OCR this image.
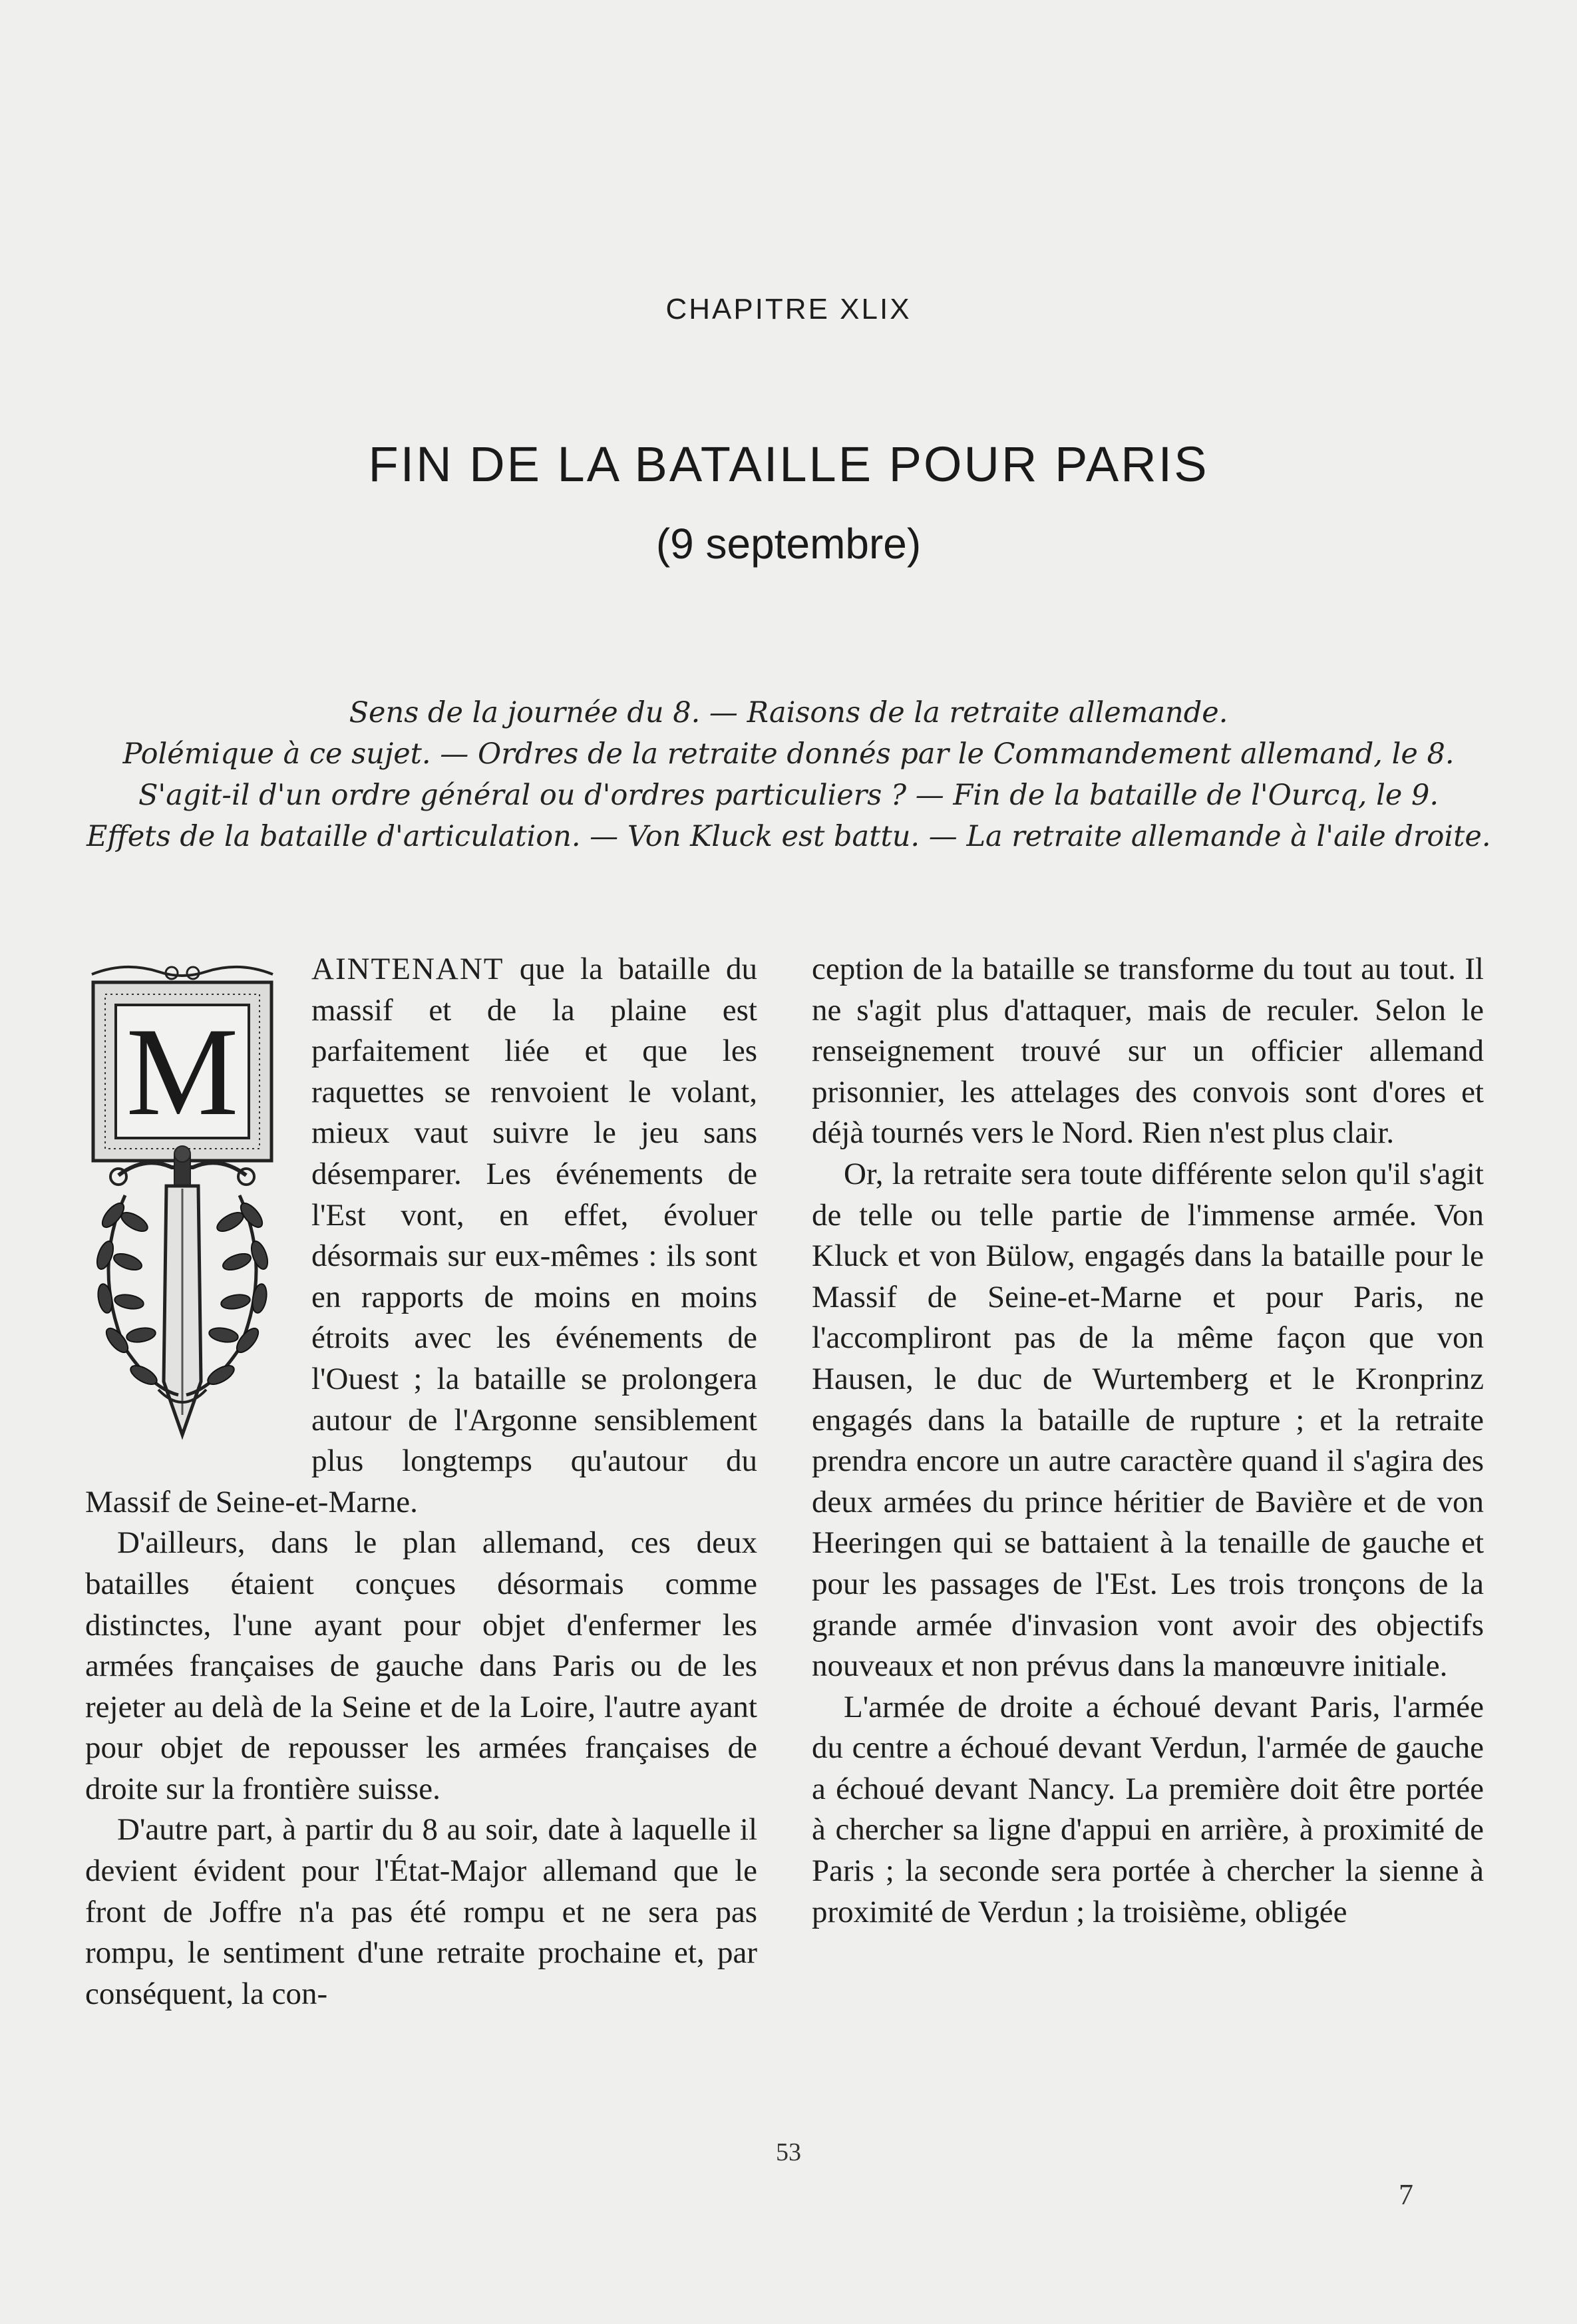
CHAPITRE XLIX
FIN DE LA BATAILLE POUR PARIS
(9 septembre)
Sens de la journée du 8. — Raisons de la retraite allemande.
Polémique à ce sujet. — Ordres de la retraite donnés par le Commandement allemand, le 8.
S'agit-il d'un ordre général ou d'ordres particuliers ? — Fin de la bataille de l'Ourcq, le 9.
Effets de la bataille d'articulation. — Von Kluck est battu. — La retraite allemande à l'aile droite.
M

AINTENANT que la bataille du massif et de la plaine est parfaitement liée et que les raquettes se renvoient le volant, mieux vaut suivre le jeu sans désemparer. Les événements de l'Est vont, en effet, évoluer désormais sur eux-mêmes : ils sont en rapports de moins en moins étroits avec les événements de l'Ouest ; la bataille se prolongera autour de l'Argonne sensiblement plus longtemps qu'autour du Massif de Seine-et-Marne.

D'ailleurs, dans le plan allemand, ces deux batailles étaient conçues désormais comme distinctes, l'une ayant pour objet d'enfermer les armées françaises de gauche dans Paris ou de les rejeter au delà de la Seine et de la Loire, l'autre ayant pour objet de repousser les armées françaises de droite sur la frontière suisse.

D'autre part, à partir du 8 au soir, date à laquelle il devient évident pour l'État-Major allemand que le front de Joffre n'a pas été rompu et ne sera pas rompu, le sentiment d'une retraite prochaine et, par conséquent, la con-

ception de la bataille se transforme du tout au tout. Il ne s'agit plus d'attaquer, mais de reculer. Selon le renseignement trouvé sur un officier allemand prisonnier, les attelages des convois sont d'ores et déjà tournés vers le Nord. Rien n'est plus clair.

Or, la retraite sera toute différente selon qu'il s'agit de telle ou telle partie de l'immense armée. Von Kluck et von Bülow, engagés dans la bataille pour le Massif de Seine-et-Marne et pour Paris, ne l'accompliront pas de la même façon que von Hausen, le duc de Wurtemberg et le Kronprinz engagés dans la bataille de rupture ; et la retraite prendra encore un autre caractère quand il s'agira des deux armées du prince héritier de Bavière et de von Heeringen qui se battaient à la tenaille de gauche et pour les passages de l'Est. Les trois tronçons de la grande armée d'invasion vont avoir des objectifs nouveaux et non prévus dans la manœuvre initiale.

L'armée de droite a échoué devant Paris, l'armée du centre a échoué devant Verdun, l'armée de gauche a échoué devant Nancy. La première doit être portée à chercher sa ligne d'appui en arrière, à proximité de Paris ; la seconde sera portée à chercher la sienne à proximité de Verdun ; la troisième, obligée

53
7
